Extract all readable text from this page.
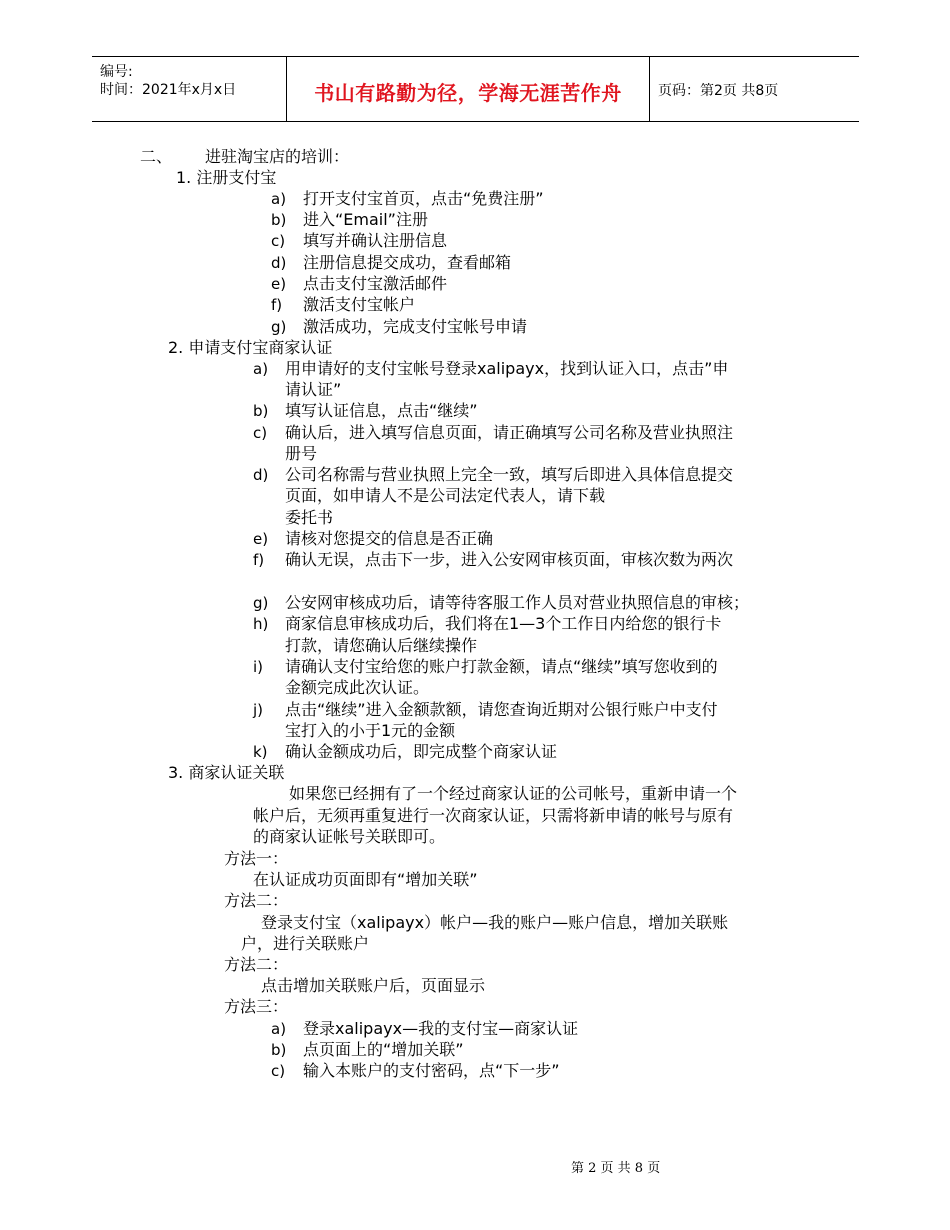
编号:
时间：2021年x月x日	书山有路勤为径，学海无涯苦作舟	页码：第2页 共8页
二、 进驻淘宝店的培训：
1. 注册支付宝
a) 打开支付宝首页，点击“免费注册”
b) 进入“Email”注册
c) 填写并确认注册信息
d) 注册信息提交成功，查看邮箱
e) 点击支付宝激活邮件
f) 激活支付宝帐户
g) 激活成功，完成支付宝帐号申请
2. 申请支付宝商家认证
a) 用申请好的支付宝帐号登录xalipayx，找到认证入口，点击”申
请认证”
b) 填写认证信息，点击“继续”
c) 确认后，进入填写信息页面，请正确填写公司名称及营业执照注
册号
d) 公司名称需与营业执照上完全一致，填写后即进入具体信息提交
页面，如申请人不是公司法定代表人，请下载
委托书
e) 请核对您提交的信息是否正确
f) 确认无误，点击下一步，进入公安网审核页面，审核次数为两次
g) 公安网审核成功后，请等待客服工作人员对营业执照信息的审核；
h) 商家信息审核成功后，我们将在1—3个工作日内给您的银行卡
打款，请您确认后继续操作
i) 请确认支付宝给您的账户打款金额，请点“继续”填写您收到的
金额完成此次认证。
j) 点击“继续”进入金额款额，请您查询近期对公银行账户中支付
宝打入的小于1元的金额
k) 确认金额成功后，即完成整个商家认证
3. 商家认证关联
如果您已经拥有了一个经过商家认证的公司帐号，重新申请一个
帐户后，无须再重复进行一次商家认证，只需将新申请的帐号与原有
的商家认证帐号关联即可。
方法一：
在认证成功页面即有“增加关联”
方法二：
登录支付宝（xalipayx）帐户—我的账户—账户信息，增加关联账
户，进行关联账户
方法二：
点击增加关联账户后，页面显示
方法三：
a) 登录xalipayx—我的支付宝—商家认证
b) 点页面上的“增加关联”
c) 输入本账户的支付密码，点“下一步”
第 2 页 共 8 页
